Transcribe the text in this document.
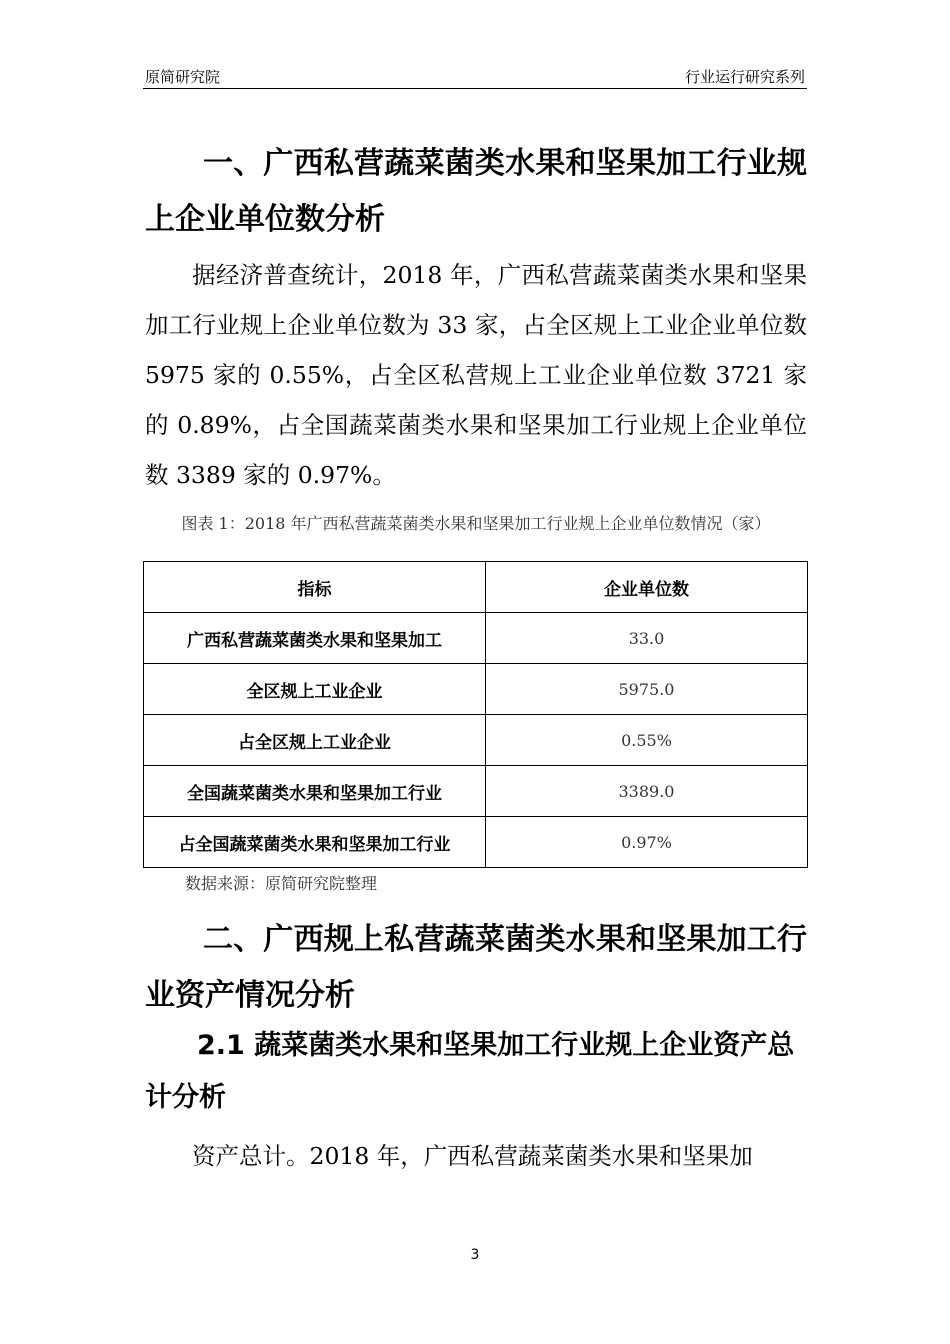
原简研究院	行业运行研究系列
一、广西私营蔬菜菌类水果和坚果加工行业规上企业单位数分析
据经济普查统计，2018 年，广西私营蔬菜菌类水果和坚果加工行业规上企业单位数为 33 家，占全区规上工业企业单位数 5975 家的 0.55%，占全区私营规上工业企业单位数 3721 家的 0.89%，占全国蔬菜菌类水果和坚果加工行业规上企业单位数 3389 家的 0.97%。
图表 1：2018 年广西私营蔬菜菌类水果和坚果加工行业规上企业单位数情况（家）
指标	企业单位数
广西私营蔬菜菌类水果和坚果加工	33.0
全区规上工业企业	5975.0
占全区规上工业企业	0.55%
全国蔬菜菌类水果和坚果加工行业	3389.0
占全国蔬菜菌类水果和坚果加工行业	0.97%
数据来源：原简研究院整理
二、广西规上私营蔬菜菌类水果和坚果加工行业资产情况分析
2.1 蔬菜菌类水果和坚果加工行业规上企业资产总计分析
资产总计。2018 年，广西私营蔬菜菌类水果和坚果加
3
